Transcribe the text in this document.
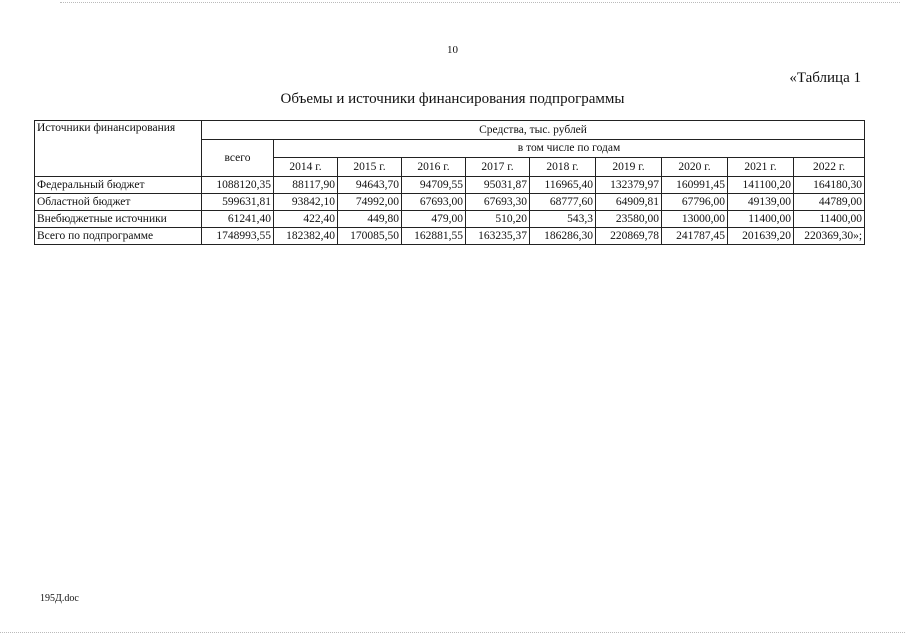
10
«Таблица 1
Объемы и источники финансирования подпрограммы
Источники финансирования	Средства, тыс. рублей									
	всего	в том числе по годам								
		2014 г.	2015 г.	2016 г.	2017 г.	2018 г.	2019 г.	2020 г.	2021 г.	2022 г.
Федеральный бюджет	1088120,35	88117,90	94643,70	94709,55	95031,87	116965,40	132379,97	160991,45	141100,20	164180,30
Областной бюджет	599631,81	93842,10	74992,00	67693,00	67693,30	68777,60	64909,81	67796,00	49139,00	44789,00
Внебюджетные источники	61241,40	422,40	449,80	479,00	510,20	543,3	23580,00	13000,00	11400,00	11400,00
Всего по подпрограмме	1748993,55	182382,40	170085,50	162881,55	163235,37	186286,30	220869,78	241787,45	201639,20	220369,30»;
195Д.doc
